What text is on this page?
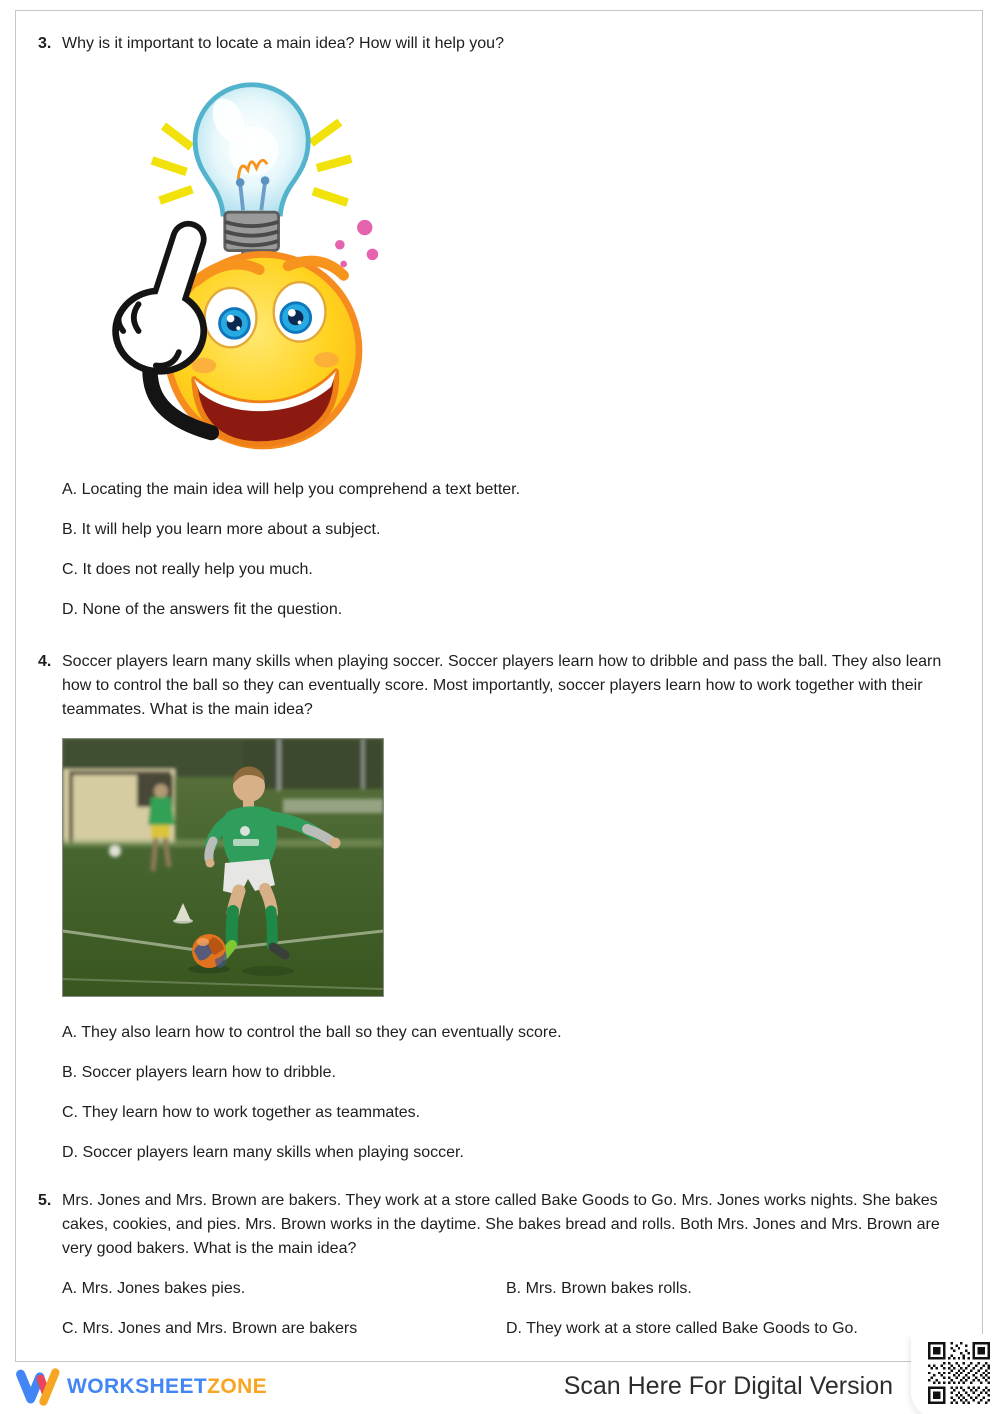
3. Why is it important to locate a main idea? How will it help you?
A. Locating the main idea will help you comprehend a text better.
B. It will help you learn more about a subject.
C. It does not really help you much.
D. None of the answers fit the question.
4. Soccer players learn many skills when playing soccer. Soccer players learn how to dribble and pass the ball. They also learn how to control the ball so they can eventually score. Most importantly, soccer players learn how to work together with their teammates. What is the main idea?
A. They also learn how to control the ball so they can eventually score.
B. Soccer players learn how to dribble.
C. They learn how to work together as teammates.
D. Soccer players learn many skills when playing soccer.
5. Mrs. Jones and Mrs. Brown are bakers. They work at a store called Bake Goods to Go. Mrs. Jones works nights. She bakes cakes, cookies, and pies. Mrs. Brown works in the daytime. She bakes bread and rolls. Both Mrs. Jones and Mrs. Brown are very good bakers. What is the main idea?
A. Mrs. Jones bakes pies.	B. Mrs. Brown bakes rolls.
C. Mrs. Jones and Mrs. Brown are bakers	D. They work at a store called Bake Goods to Go.
WORKSHEETZONE	Scan Here For Digital Version
